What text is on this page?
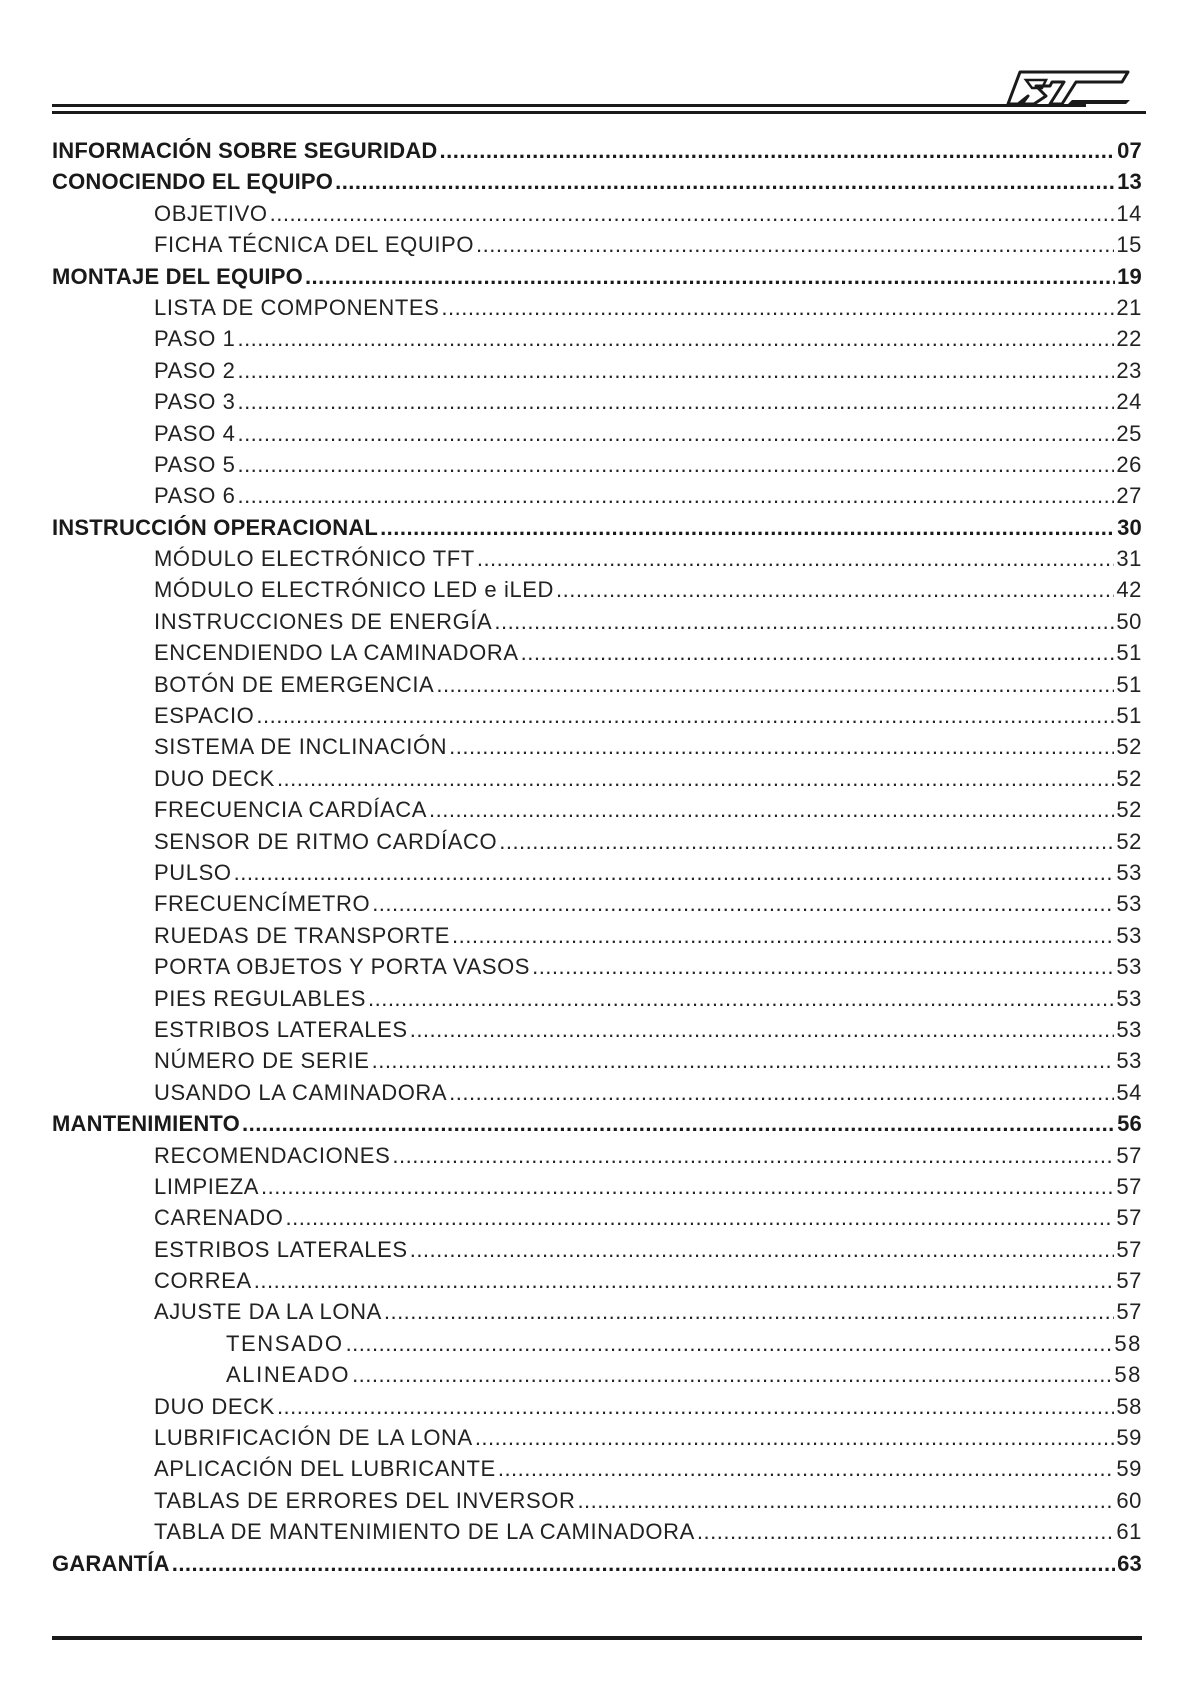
INFORMACIÓN SOBRE SEGURIDAD .....	07
CONOCIENDO EL EQUIPO .....	13
OBJETIVO .....	14
FICHA TÉCNICA DEL EQUIPO .....	15
MONTAJE DEL EQUIPO .....	19
LISTA DE COMPONENTES .....	21
PASO 1 .....	22
PASO 2 .....	23
PASO 3 .....	24
PASO 4 .....	25
PASO 5 .....	26
PASO 6 .....	27
INSTRUCCIÓN OPERACIONAL .....	30
MÓDULO ELECTRÓNICO TFT .....	31
MÓDULO ELECTRÓNICO LED e iLED .....	42
INSTRUCCIONES DE ENERGÍA .....	50
ENCENDIENDO LA CAMINADORA .....	51
BOTÓN DE EMERGENCIA .....	51
ESPACIO .....	51
SISTEMA DE INCLINACIÓN .....	52
DUO DECK .....	52
FRECUENCIA CARDÍACA .....	52
SENSOR DE RITMO CARDÍACO .....	52
PULSO .....	53
FRECUENCÍMETRO .....	53
RUEDAS DE TRANSPORTE .....	53
PORTA OBJETOS Y PORTA VASOS .....	53
PIES REGULABLES .....	53
ESTRIBOS LATERALES .....	53
NÚMERO DE SERIE .....	53
USANDO LA CAMINADORA .....	54
MANTENIMIENTO .....	56
RECOMENDACIONES .....	57
LIMPIEZA .....	57
CARENADO .....	57
ESTRIBOS LATERALES .....	57
CORREA .....	57
AJUSTE DA LA LONA .....	57
TENSADO .....	58
ALINEADO .....	58
DUO DECK .....	58
LUBRIFICACIÓN DE LA LONA .....	59
APLICACIÓN DEL LUBRICANTE .....	59
TABLAS DE ERRORES DEL INVERSOR .....	60
TABLA DE MANTENIMIENTO DE LA CAMINADORA .....	61
GARANTÍA .....	63
